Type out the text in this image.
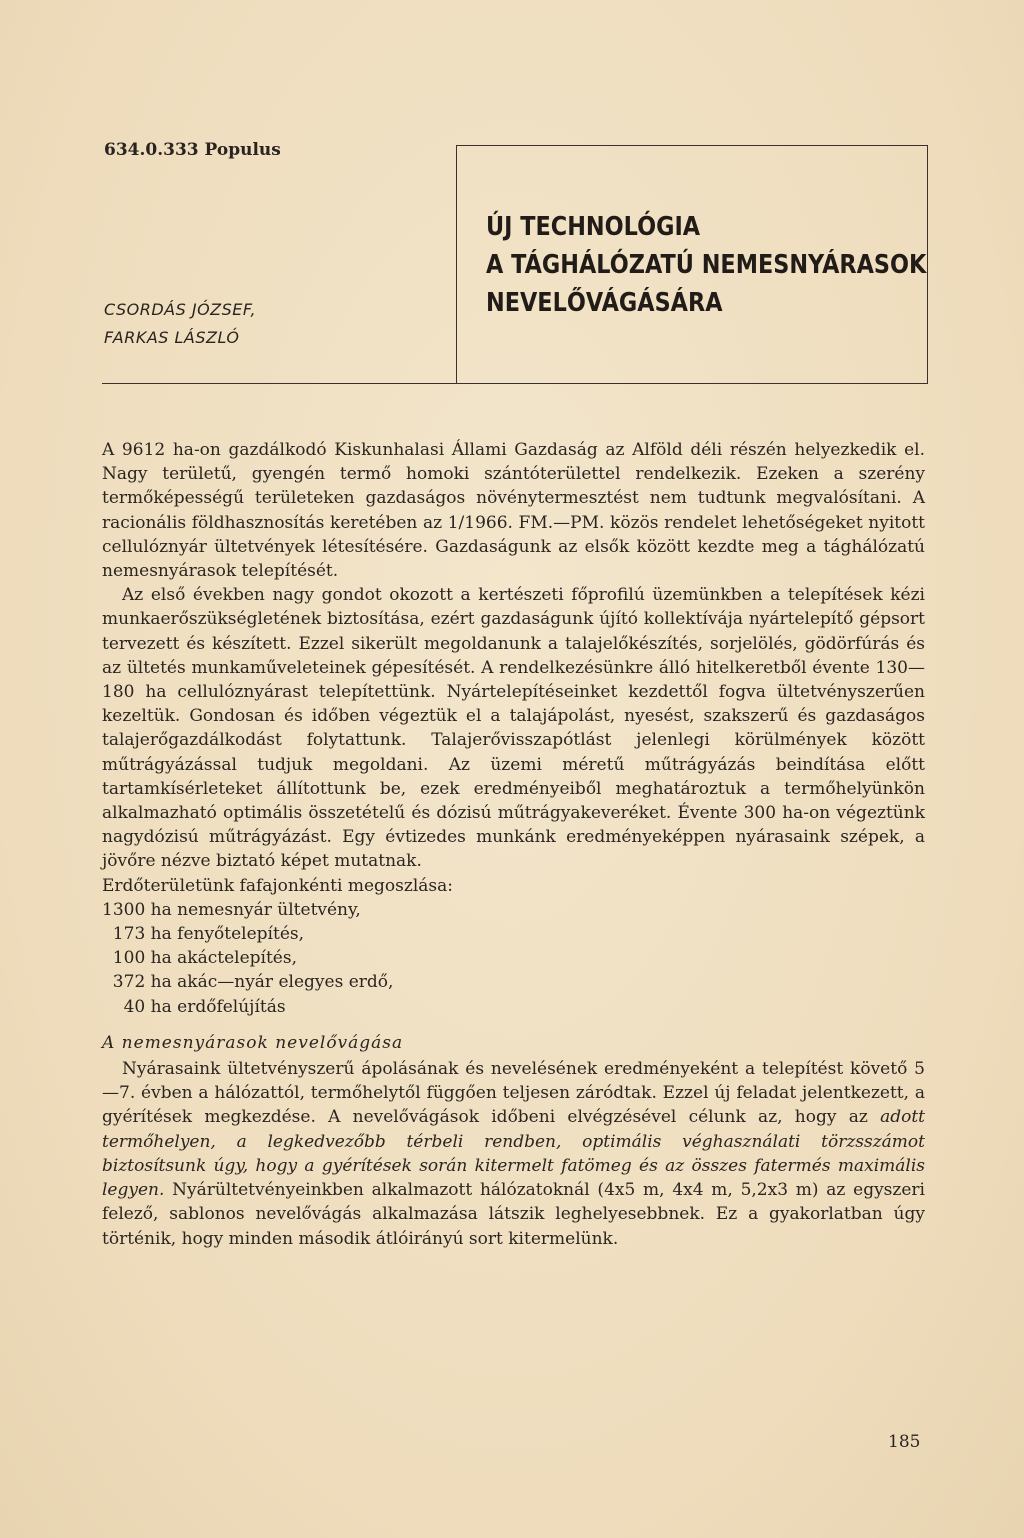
634.0.333 Populus
CSORDÁS JÓZSEF,
FARKAS LÁSZLÓ
ÚJ TECHNOLÓGIA
A TÁGHÁLÓZATÚ NEMESNYÁRASOK
NEVELŐVÁGÁSÁRA

A 9612 ha-on gazdálkodó Kiskunhalasi Állami Gazdaság az Alföld déli részén helyezkedik el. Nagy területű, gyengén termő homoki szántóterülettel rendelkezik. Ezeken a szerény termőképességű területeken gazdaságos növénytermesztést nem tudtunk megvalósítani. A racionális földhasznosítás keretében az 1/1966. FM.—PM. közös rendelet lehetőségeket nyitott cellulóznyár ültetvények létesítésére. Gazdaságunk az elsők között kezdte meg a tághálózatú nemesnyárasok telepítését.

Az első években nagy gondot okozott a kertészeti főprofilú üzemünkben a telepítések kézi munkaerőszükségletének biztosítása, ezért gazdaságunk újító kollektívája nyártelepítő gépsort tervezett és készített. Ezzel sikerült megoldanunk a talajelőkészítés, sorjelölés, gödörfúrás és az ültetés munkaműveleteinek gépesítését. A rendelkezésünkre álló hitelkeretből évente 130—180 ha cellulóznyárast telepítettünk. Nyártelepítéseinket kezdettől fogva ültetvényszerűen kezeltük. Gondosan és időben végeztük el a talajápolást, nyesést, szakszerű és gazdaságos talajerőgazdálkodást folytattunk. Talajerővisszapótlást jelenlegi körülmények között műtrágyázással tudjuk megoldani. Az üzemi méretű műtrágyázás beindítása előtt tartamkísérleteket állítottunk be, ezek eredményeiből meghatároztuk a termőhelyünkön alkalmazható optimális összetételű és dózisú műtrágyakeveréket. Évente 300 ha-on végeztünk nagydózisú műtrágyázást. Egy évtizedes munkánk eredményeképpen nyárasaink szépek, a jövőre nézve biztató képet mutatnak.

Erdőterületünk fafajonkénti megoszlása:

1300 ha nemesnyár ültetvény,
173 ha fenyőtelepítés,
100 ha akáctelepítés,
372 ha akác—nyár elegyes erdő,
40 ha erdőfelújítás
A nemesnyárasok nevelővágása

Nyárasaink ültetvényszerű ápolásának és nevelésének eredményeként a telepítést követő 5—7. évben a hálózattól, termőhelytől függően teljesen záródtak. Ezzel új feladat jelentkezett, a gyérítések megkezdése. A nevelővágások időbeni elvégzésével célunk az, hogy az adott termőhelyen, a legkedvezőbb térbeli rendben, optimális véghasználati törzsszámot biztosítsunk úgy, hogy a gyérítések során kitermelt fatömeg és az összes fatermés maximális legyen. Nyárültetvényeinkben alkalmazott hálózatoknál (4x5 m, 4x4 m, 5,2x3 m) az egyszeri felező, sablonos nevelővágás alkalmazása látszik leghelyesebbnek. Ez a gyakorlatban úgy történik, hogy minden második átlóirányú sort kitermelünk.

185
